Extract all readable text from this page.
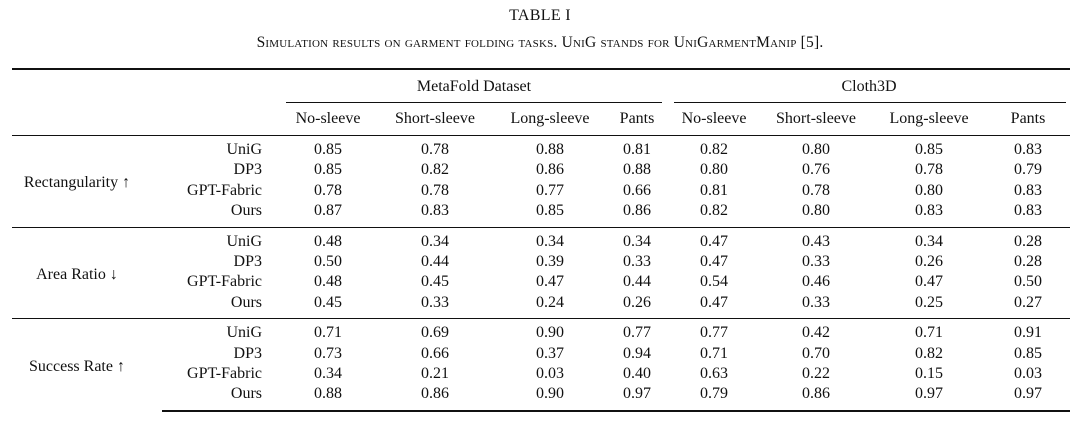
TABLE I
Simulation results on garment folding tasks. UniG stands for UniGarmentManip [5].
		MetaFold Dataset				Cloth3D			

		No-sleeve	Short-sleeve	Long-sleeve	Pants	No-sleeve	Short-sleeve	Long-sleeve	Pants
Rectangularity ↑	UniG	0.85	0.78	0.88	0.81	0.82	0.80	0.85	0.83
	DP3	0.85	0.82	0.86	0.88	0.80	0.76	0.78	0.79
	GPT-Fabric	0.78	0.78	0.77	0.66	0.81	0.78	0.80	0.83
	Ours	0.87	0.83	0.85	0.86	0.82	0.80	0.83	0.83
Area Ratio ↓	UniG	0.48	0.34	0.34	0.34	0.47	0.43	0.34	0.28
	DP3	0.50	0.44	0.39	0.33	0.47	0.33	0.26	0.28
	GPT-Fabric	0.48	0.45	0.47	0.44	0.54	0.46	0.47	0.50
	Ours	0.45	0.33	0.24	0.26	0.47	0.33	0.25	0.27
Success Rate ↑	UniG	0.71	0.69	0.90	0.77	0.77	0.42	0.71	0.91
	DP3	0.73	0.66	0.37	0.94	0.71	0.70	0.82	0.85
	GPT-Fabric	0.34	0.21	0.03	0.40	0.63	0.22	0.15	0.03
	Ours	0.88	0.86	0.90	0.97	0.79	0.86	0.97	0.97
